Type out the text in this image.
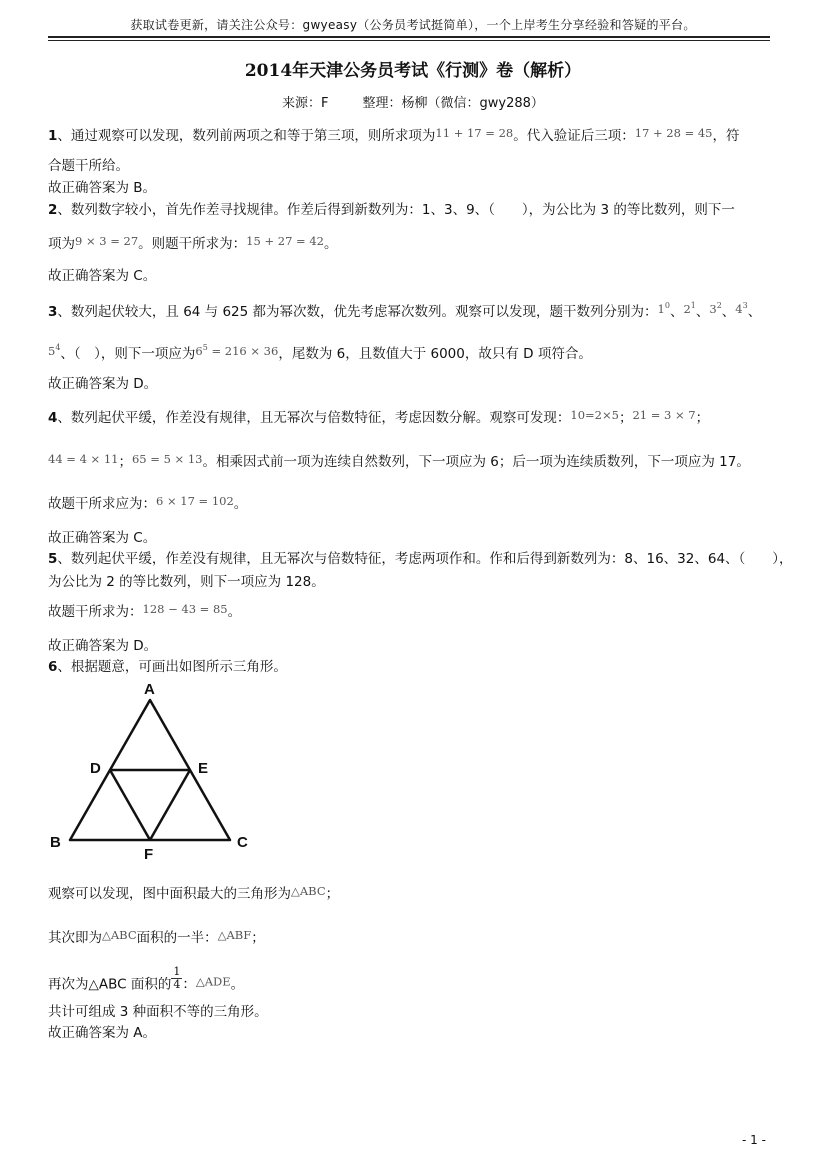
获取试卷更新，请关注公众号：gwyeasy（公务员考试挺简单），一个上岸考生分享经验和答疑的平台。
2014年天津公务员考试《行测》卷（解析）
来源：F	整理：杨柳（微信：gwy288）
1、通过观察可以发现，数列前两项之和等于第三项，则所求项为11 + 17 = 28。代入验证后三项：17 + 28 = 45，符
合题干所给。
故正确答案为 B。
2、数列数字较小，首先作差寻找规律。作差后得到新数列为：1、3、9、（　　），为公比为 3 的等比数列，则下一
项为9 × 3 = 27。则题干所求为：15 + 27 = 42。
故正确答案为 C。
3、数列起伏较大，且 64 与 625 都为幂次数，优先考虑幂次数列。观察可以发现，题干数列分别为：$1^0$、$2^1$、$3^2$、$4^3$、
$5^4$、（　），则下一项应为$6^5 = 216 \times 36$，尾数为 6，且数值大于 6000，故只有 D 项符合。
故正确答案为 D。
4、数列起伏平缓，作差没有规律，且无幂次与倍数特征，考虑因数分解。观察可发现：10=2×5；21 = 3 × 7；
44 = 4 × 11；65 = 5 × 13。相乘因式前一项为连续自然数列，下一项应为 6；后一项为连续质数列，下一项应为 17。
故题干所求应为：6 × 17 = 102。
故正确答案为 C。
5、数列起伏平缓，作差没有规律，且无幂次与倍数特征，考虑两项作和。作和后得到新数列为：8、16、32、64、（　　），
为公比为 2 的等比数列，则下一项应为 128。
故题干所求为：128 − 43 = 85。
故正确答案为 D。
6、根据题意，可画出如图所示三角形。
A
D	E
B	C
F
观察可以发现，图中面积最大的三角形为△ABC；
其次即为△ABC面积的一半：△ABF；
再次为△ABC 面积的 $\frac{1}{4}$ ：△ADE。
共计可组成 3 种面积不等的三角形。
故正确答案为 A。
- 1 -
